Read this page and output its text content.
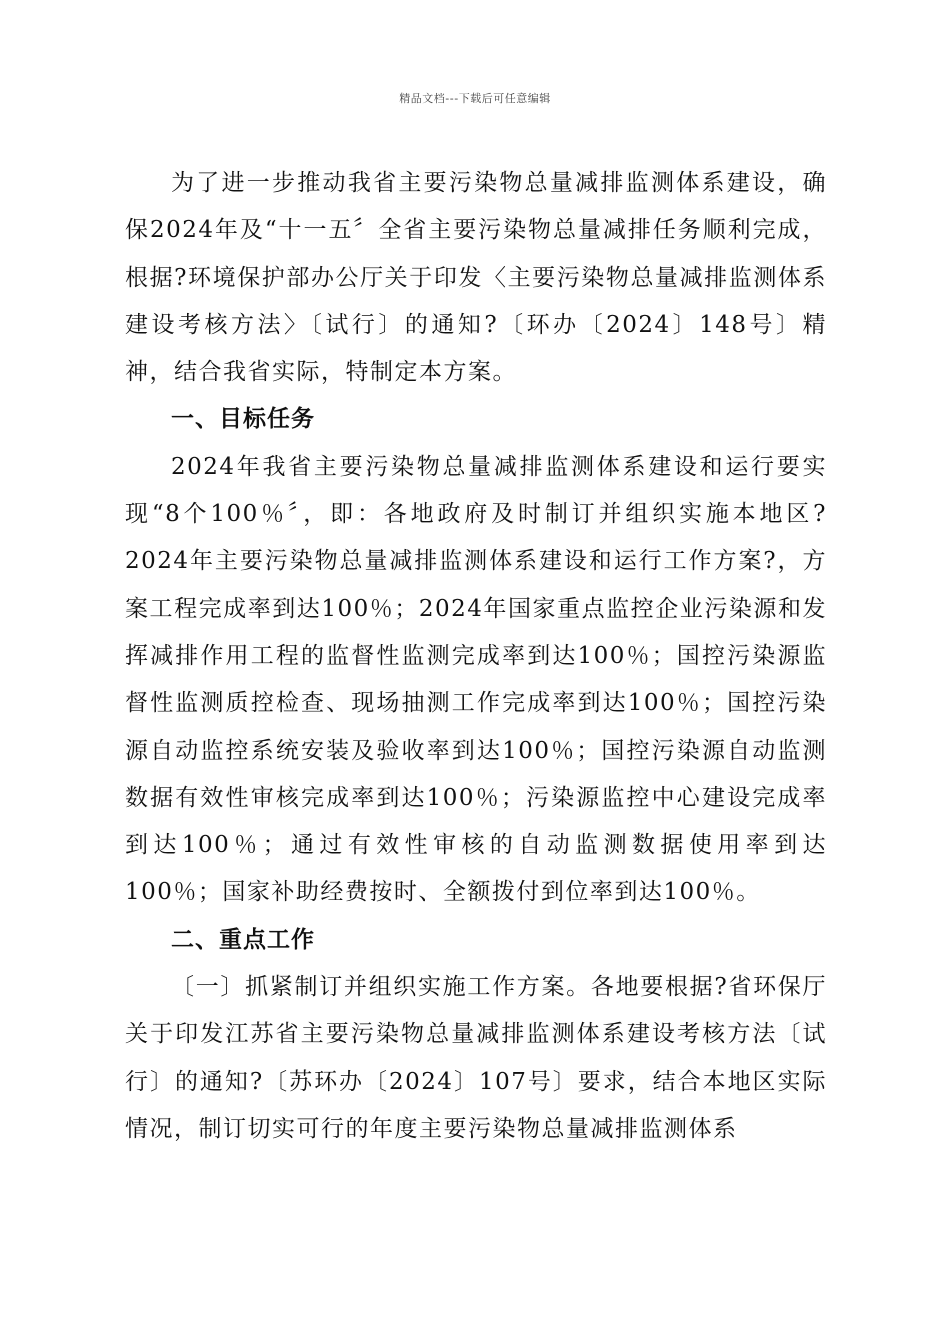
精品文档---下载后可任意编辑

为了进一步推动我省主要污染物总量减排监测体系建设，确保2024年及“十一五〞全省主要污染物总量减排任务顺利完成，根据?环境保护部办公厅关于印发〈主要污染物总量减排监测体系建设考核方法〉〔试行〕的通知?〔环办〔2024〕148号〕精神，结合我省实际，特制定本方案。

一、目标任务

2024年我省主要污染物总量减排监测体系建设和运行要实现“8个100％〞，即：各地政府及时制订并组织实施本地区?2024年主要污染物总量减排监测体系建设和运行工作方案?，方案工程完成率到达100％；2024年国家重点监控企业污染源和发挥减排作用工程的监督性监测完成率到达100％；国控污染源监督性监测质控检查、现场抽测工作完成率到达100％；国控污染源自动监控系统安装及验收率到达100％；国控污染源自动监测数据有效性审核完成率到达100％；污染源监控中心建设完成率到达100％；通过有效性审核的自动监测数据使用率到达100％；国家补助经费按时、全额拨付到位率到达100％。

二、重点工作

〔一〕抓紧制订并组织实施工作方案。各地要根据?省环保厅关于印发江苏省主要污染物总量减排监测体系建设考核方法〔试行〕的通知?〔苏环办〔2024〕107号〕要求，结合本地区实际情况，制订切实可行的年度主要污染物总量减排监测体系
